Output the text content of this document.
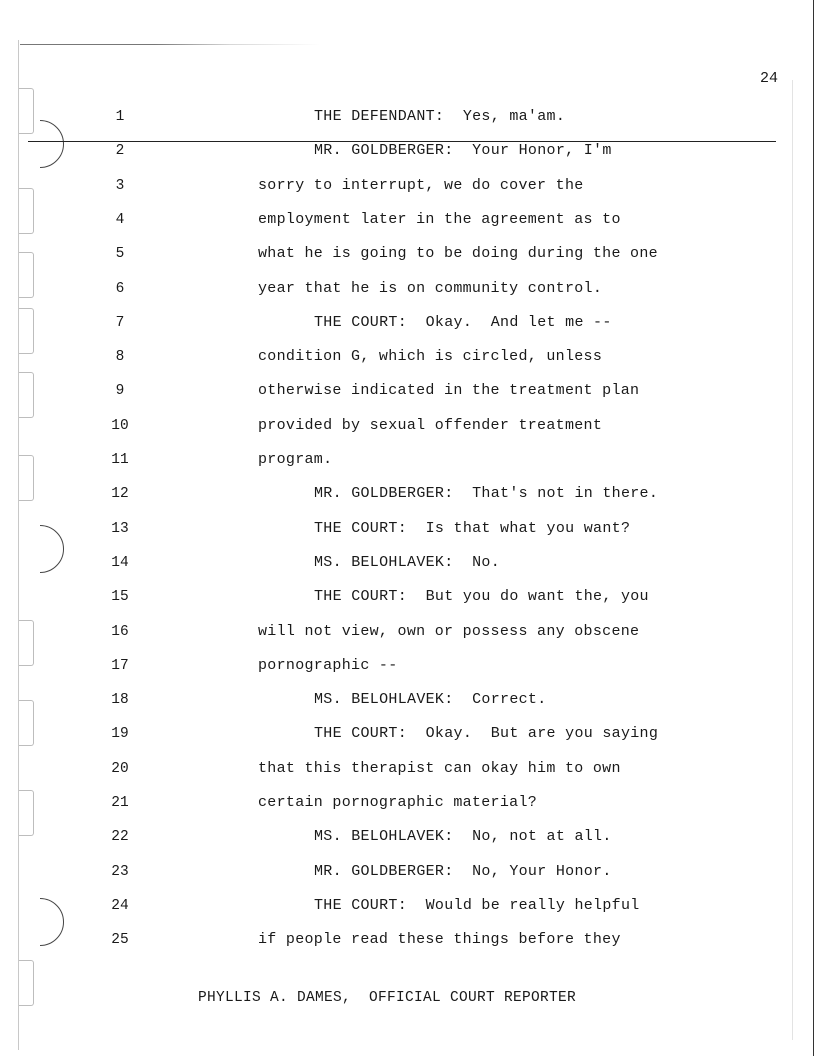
24
1	THE DEFENDANT:  Yes, ma'am.
2	MR. GOLDBERGER:  Your Honor, I'm
3	sorry to interrupt, we do cover the
4	employment later in the agreement as to
5	what he is going to be doing during the one
6	year that he is on community control.
7	THE COURT:  Okay.  And let me --
8	condition G, which is circled, unless
9	otherwise indicated in the treatment plan
10	provided by sexual offender treatment
11	program.
12	MR. GOLDBERGER:  That's not in there.
13	THE COURT:  Is that what you want?
14	MS. BELOHLAVEK:  No.
15	THE COURT:  But you do want the, you
16	will not view, own or possess any obscene
17	pornographic --
18	MS. BELOHLAVEK:  Correct.
19	THE COURT:  Okay.  But are you saying
20	that this therapist can okay him to own
21	certain pornographic material?
22	MS. BELOHLAVEK:  No, not at all.
23	MR. GOLDBERGER:  No, Your Honor.
24	THE COURT:  Would be really helpful
25	if people read these things before they
PHYLLIS A. DAMES,  OFFICIAL COURT REPORTER
